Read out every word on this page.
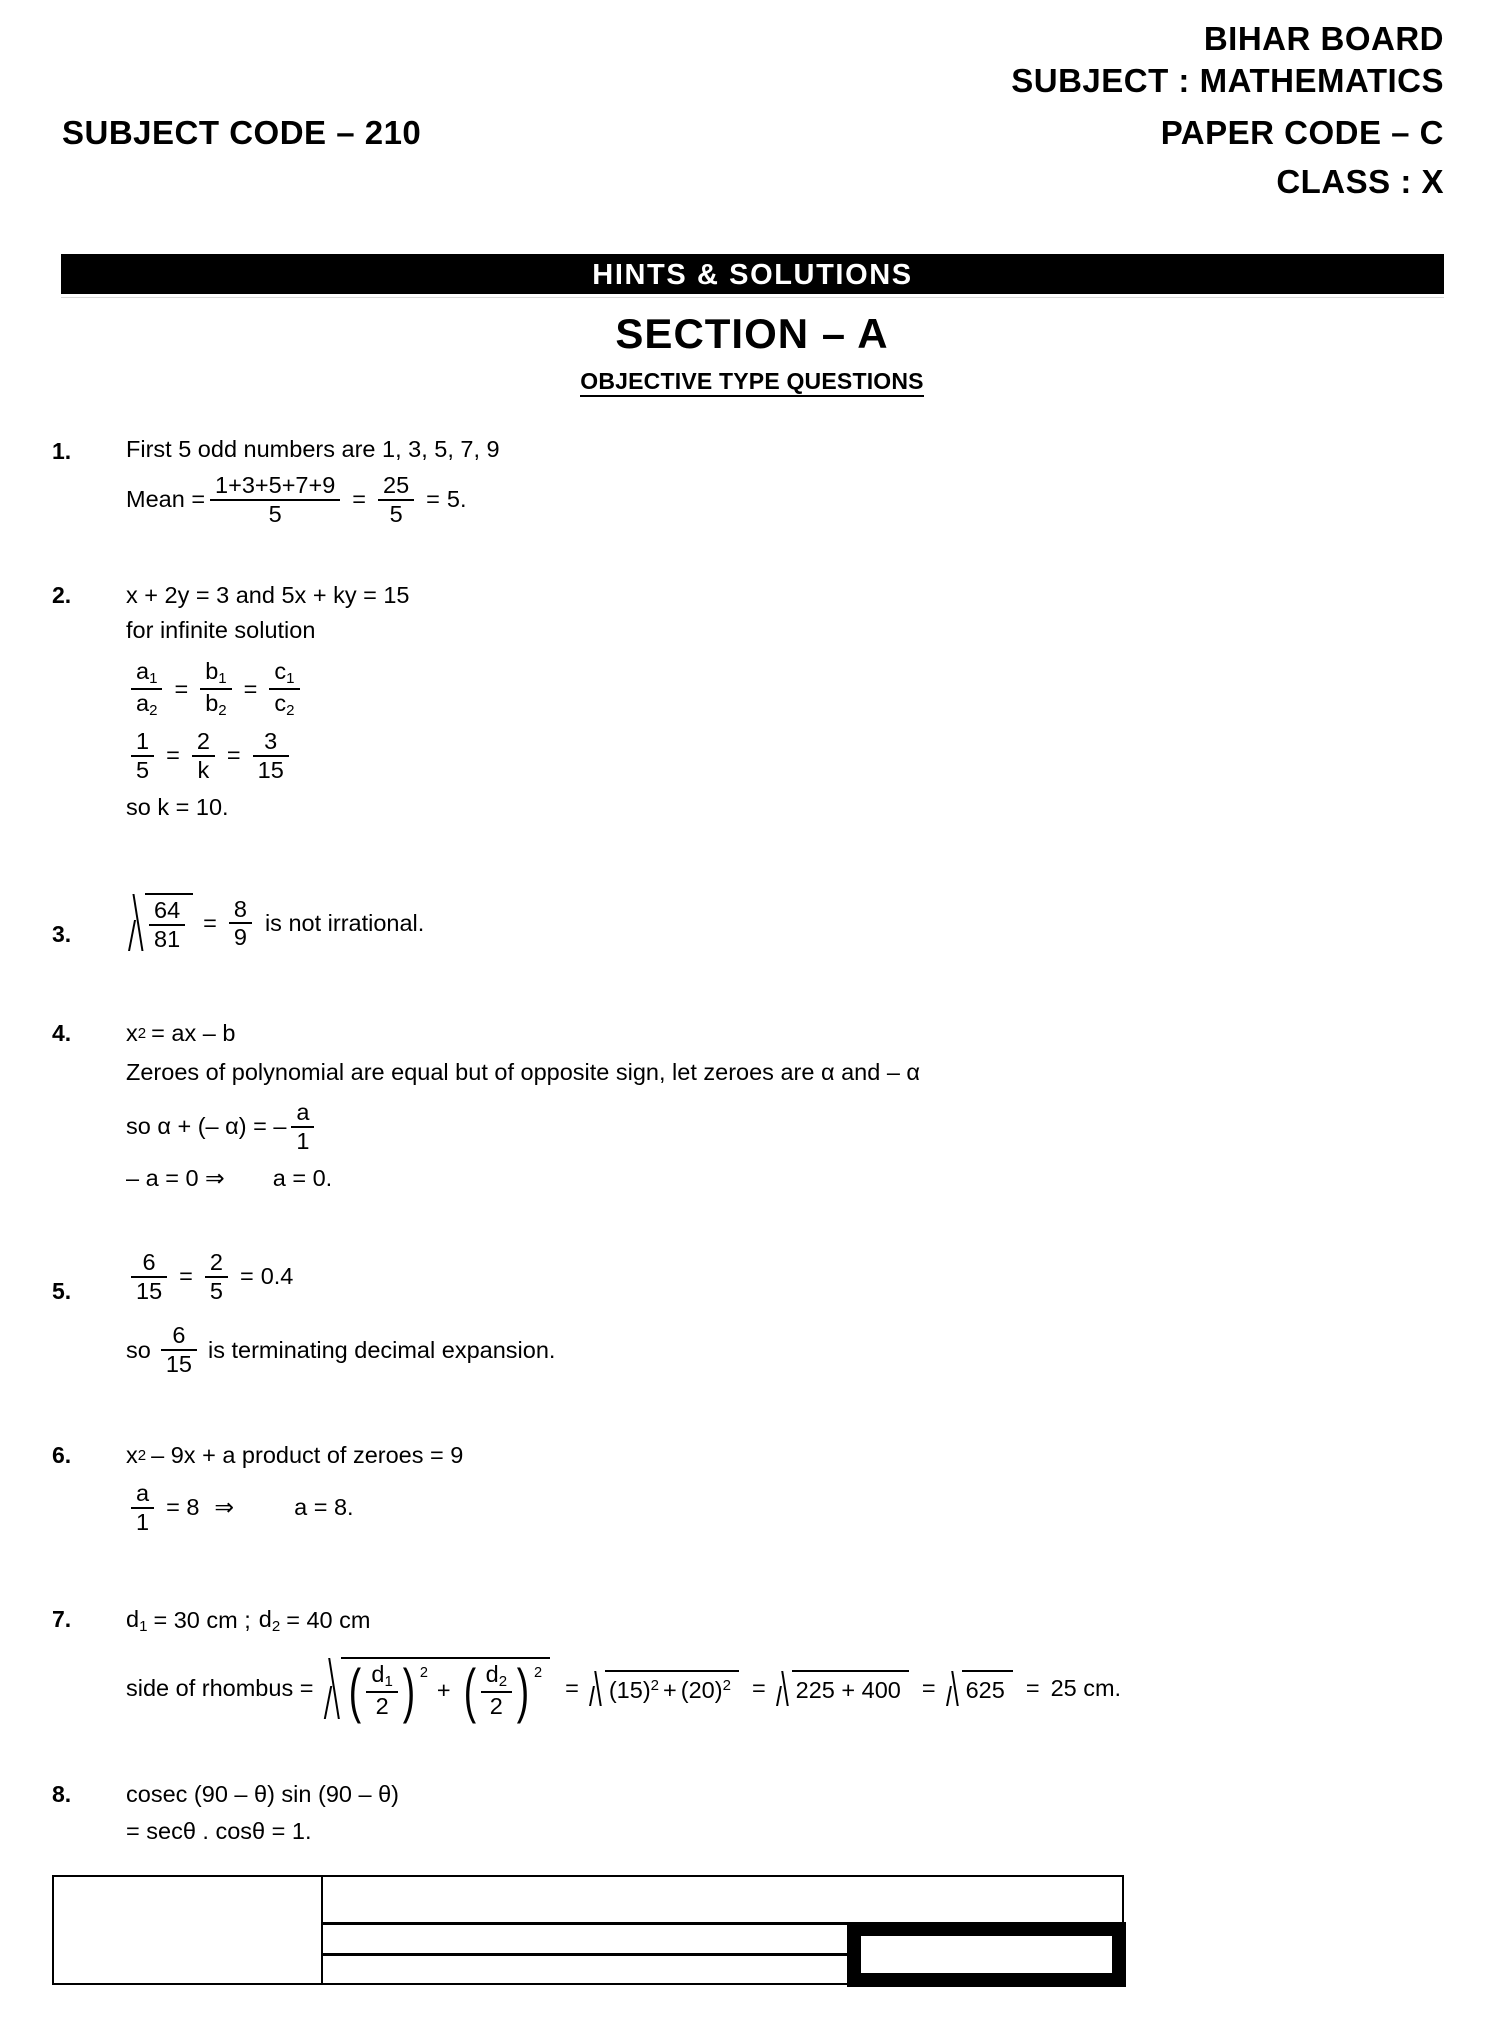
BIHAR BOARD
SUBJECT : MATHEMATICS
SUBJECT CODE – 210	PAPER CODE – C
CLASS : X
HINTS & SOLUTIONS
SECTION – A
OBJECTIVE TYPE QUESTIONS
1. First 5 odd numbers are 1, 3, 5, 7, 9
Mean = $\frac{1+3+5+7+9}{5} = \frac{25}{5} = 5$.
2. x + 2y = 3 and 5x + ky = 15
for infinite solution
$\frac{a_1}{a_2} = \frac{b_1}{b_2} = \frac{c_1}{c_2}$
$\frac{1}{5} = \frac{2}{k} = \frac{3}{15}$
so k = 10.
3.	$\frac{64}{81} = \frac{8}{9}$ is not irrational.
4. x 2 = ax – b
Zeroes of polynomial are equal but of opposite sign, let zeroes are α and – α
so α + (– α) = – $\frac{a}{1}$
– a = 0 ⇒ a = 0.
5.	$\frac{6}{15} = \frac{2}{5} = 0.4$
so $\frac{6}{15}$ is terminating decimal expansion.
6. x 2 – 9x + a product of zeroes = 9
$\frac{a}{1} = 8$ ⇒	a = 8.
7. $d_1 = 30$ cm ; $d_2 = 40$ cm
side of rhombus = ( $\frac{d_1}{2}$ ) 2
+ ( $\frac{d_2}{2}$ ) 2
= $(15)^2 + (20)^2 = 225 + 400 = 625 = 25$ cm.
8. cosec (90 – θ) sin (90 – θ)
= secθ . cosθ = 1.
